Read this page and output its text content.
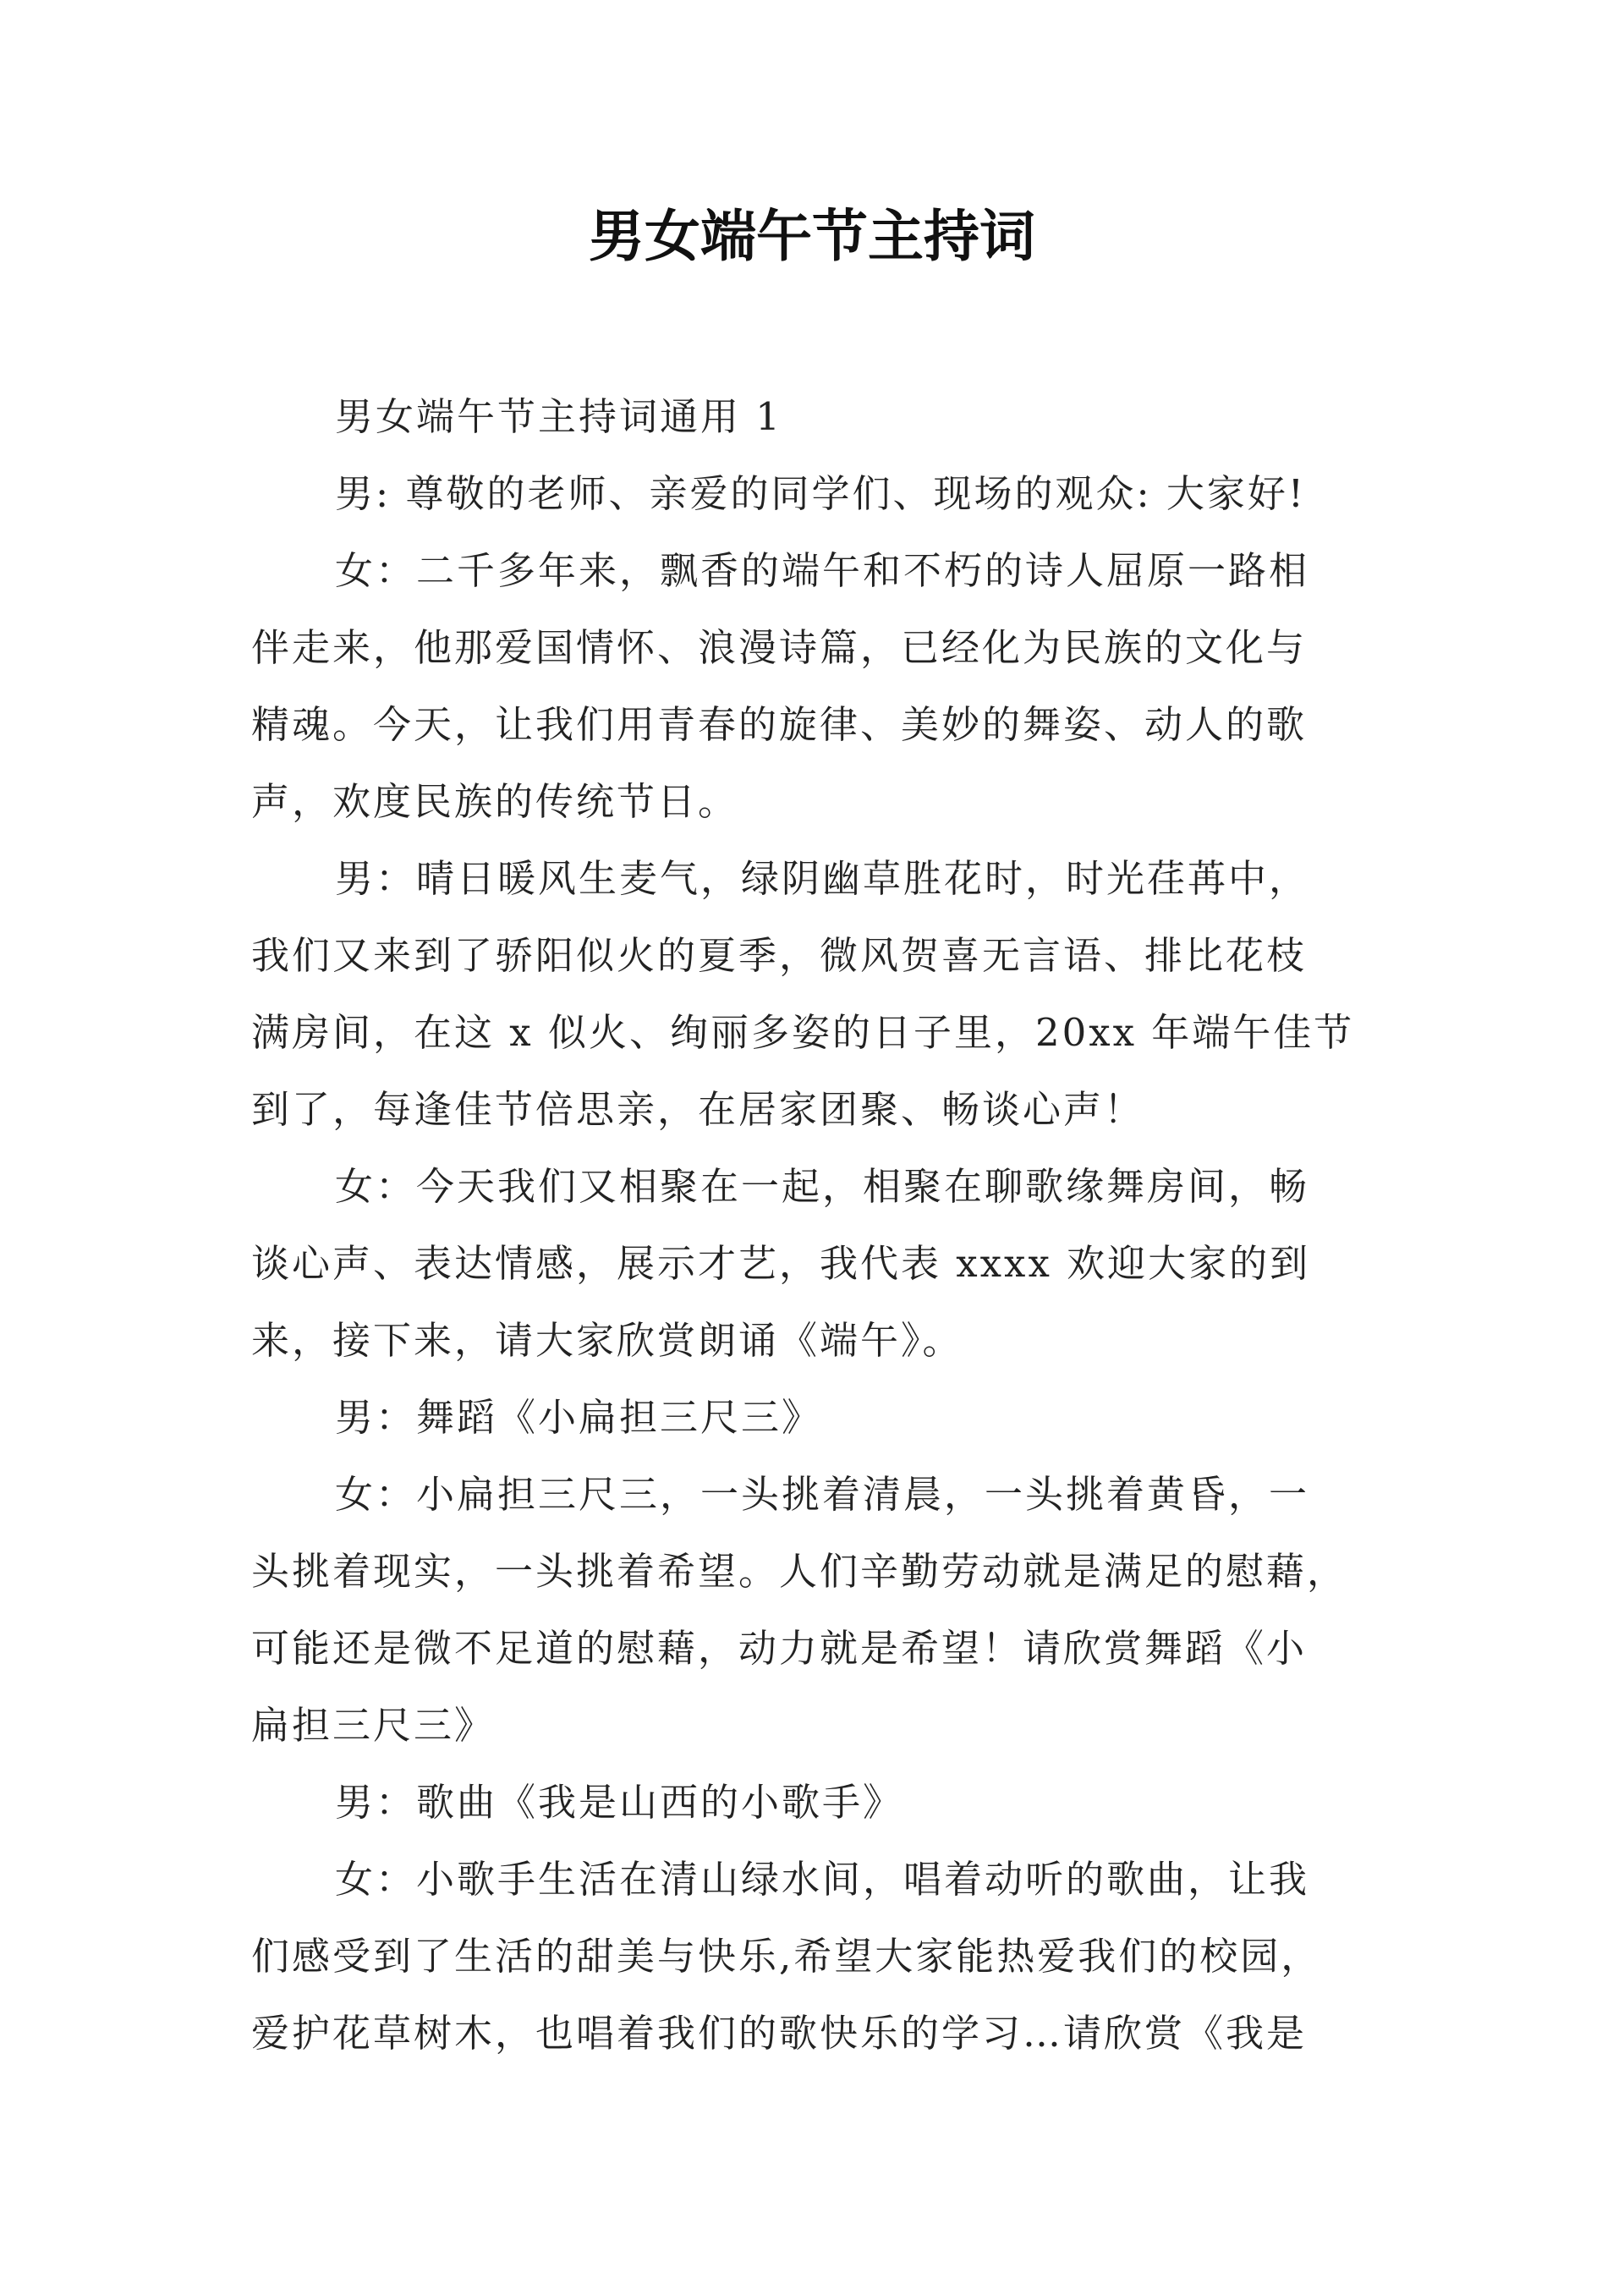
男女端午节主持词
男女端午节主持词通用 1
男: 尊敬的老师、亲爱的同学们、现场的观众: 大家好!
女：二千多年来，飘香的端午和不朽的诗人屈原一路相
伴走来，他那爱国情怀、浪漫诗篇，已经化为民族的文化与
精魂。今天，让我们用青春的旋律、美妙的舞姿、动人的歌
声，欢度民族的传统节日。
男：晴日暖风生麦气，绿阴幽草胜花时，时光荏苒中，
我们又来到了骄阳似火的夏季，微风贺喜无言语、排比花枝
满房间，在这 x 似火、绚丽多姿的日子里，20xx 年端午佳节
到了，每逢佳节倍思亲，在居家团聚、畅谈心声！
女：今天我们又相聚在一起，相聚在聊歌缘舞房间，畅
谈心声、表达情感，展示才艺，我代表 xxxx 欢迎大家的到
来，接下来，请大家欣赏朗诵《端午》。
男：舞蹈《小扁担三尺三》
女：小扁担三尺三，一头挑着清晨，一头挑着黄昏，一
头挑着现实，一头挑着希望。人们辛勤劳动就是满足的慰藉，
可能还是微不足道的慰藉，动力就是希望！请欣赏舞蹈《小
扁担三尺三》
男：歌曲《我是山西的小歌手》
女：小歌手生活在清山绿水间，唱着动听的歌曲，让我
们感受到了生活的甜美与快乐,希望大家能热爱我们的校园，
爱护花草树木，也唱着我们的歌快乐的学习…请欣赏《我是
